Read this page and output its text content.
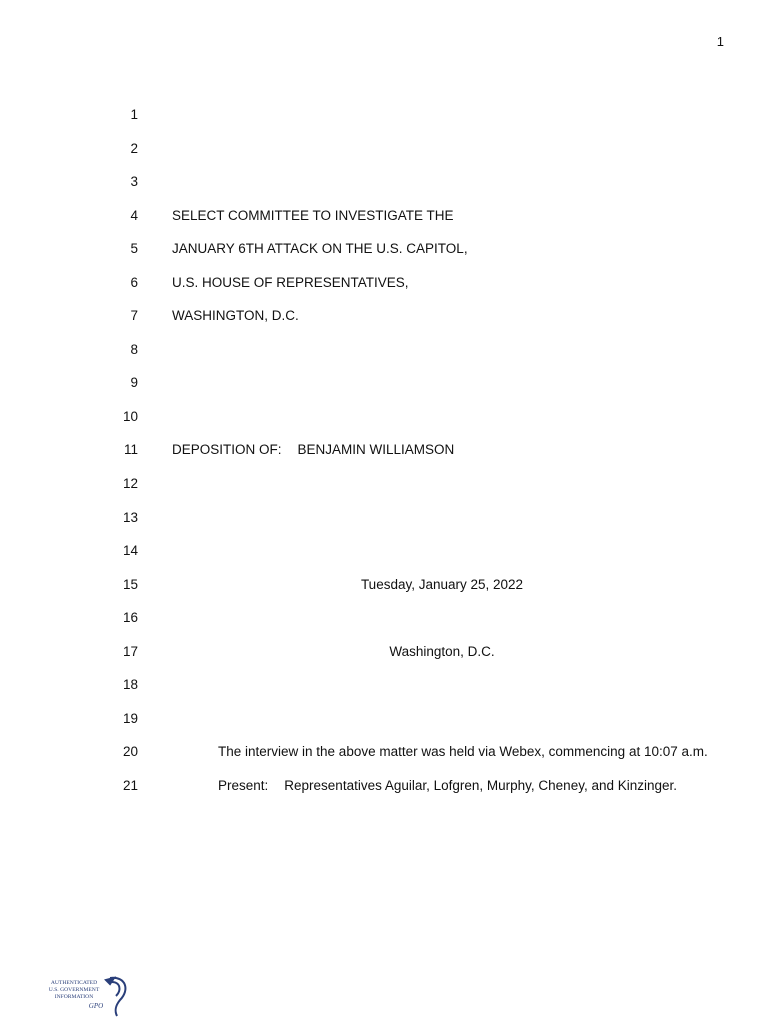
1
1
2
3
4	SELECT COMMITTEE TO INVESTIGATE THE
5	JANUARY 6TH ATTACK ON THE U.S. CAPITOL,
6	U.S. HOUSE OF REPRESENTATIVES,
7	WASHINGTON, D.C.
8
9
10
11	DEPOSITION OF: BENJAMIN WILLIAMSON
12
13
14
15	Tuesday, January 25, 2022
16
17	Washington, D.C.
18
19
20	The interview in the above matter was held via Webex, commencing at 10:07 a.m.
21	Present: Representatives Aguilar, Lofgren, Murphy, Cheney, and Kinzinger.
AUTHENTICATED
U.S. GOVERNMENT
INFORMATION
GPO
